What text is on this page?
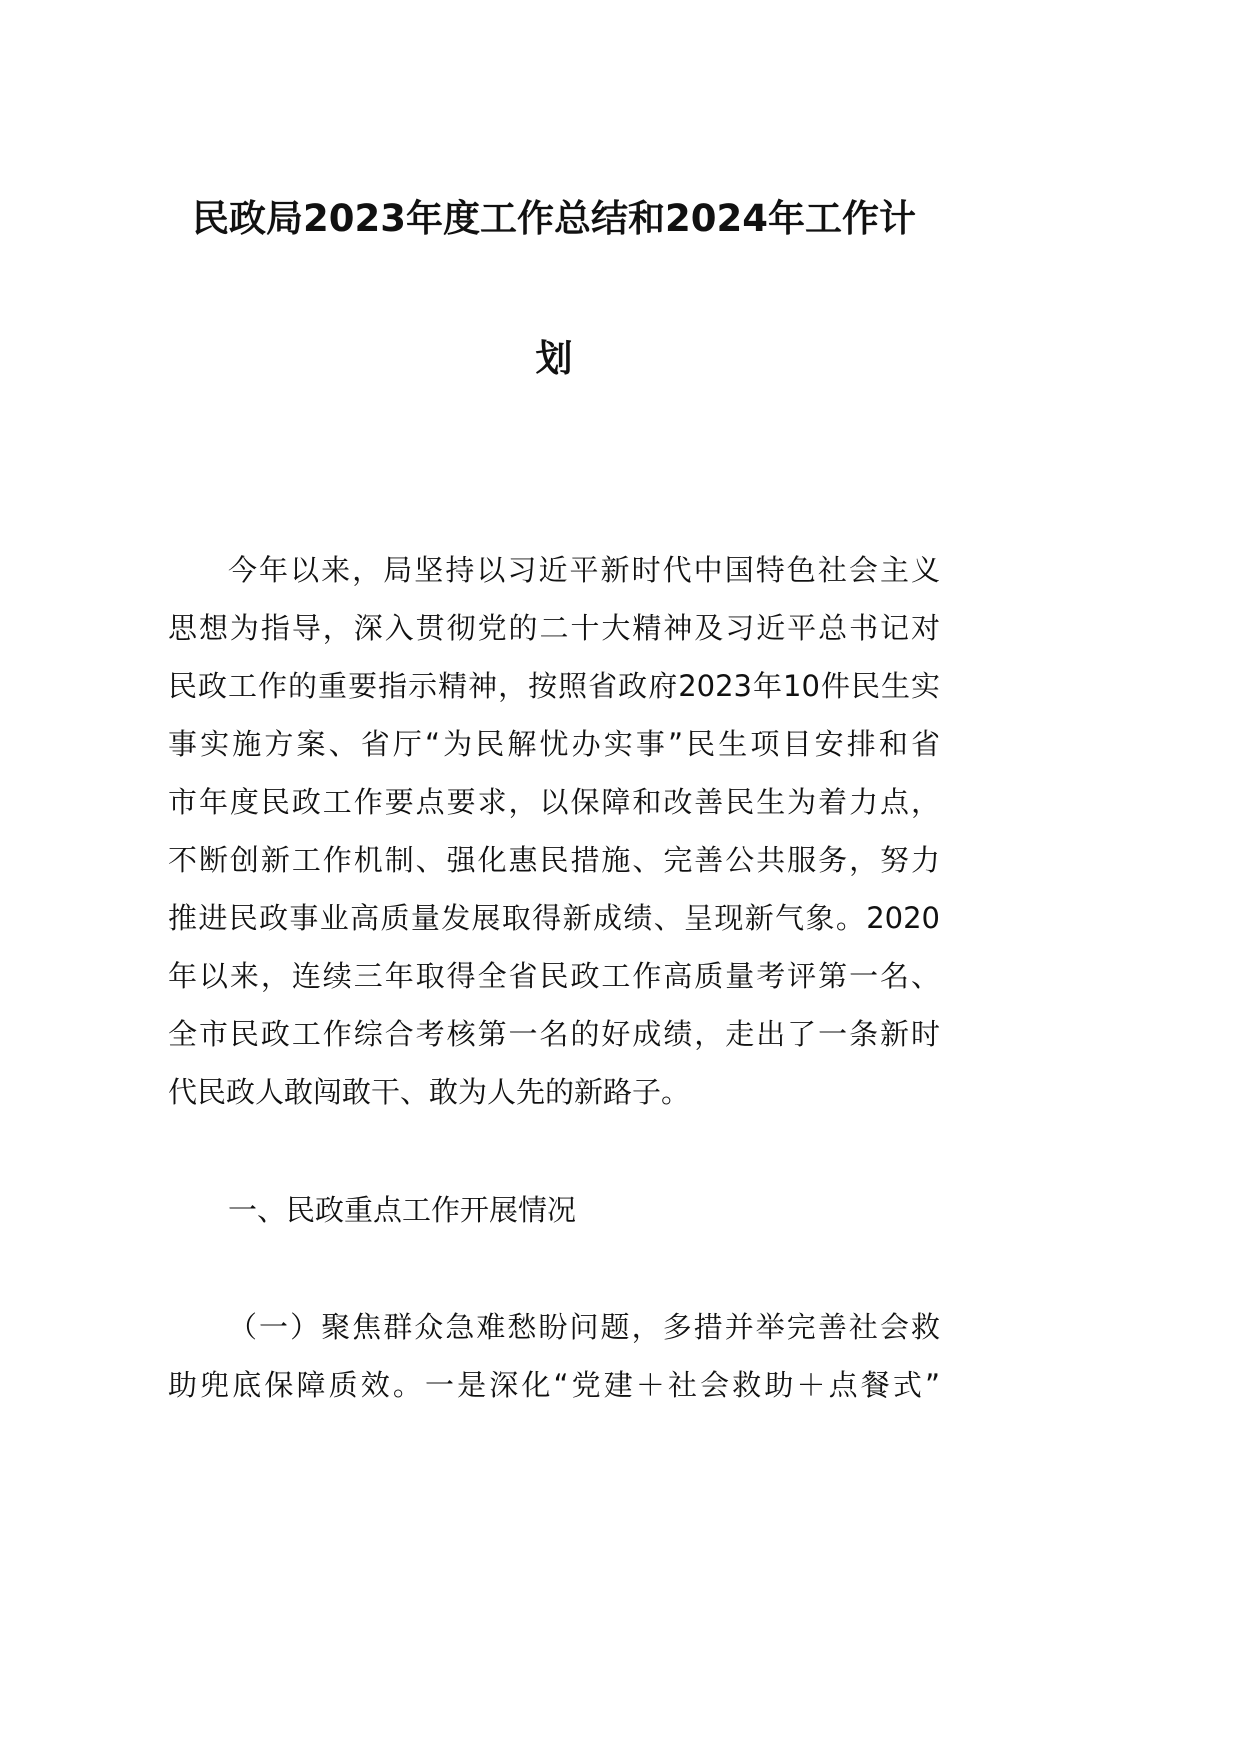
民政局2023年度工作总结和2024年工作计
划
今年以来，局坚持以习近平新时代中国特色社会主义
思想为指导，深入贯彻党的二十大精神及习近平总书记对
民政工作的重要指示精神，按照省政府2023年10件民生实
事实施方案、省厅“为民解忧办实事”民生项目安排和省
市年度民政工作要点要求，以保障和改善民生为着力点，
不断创新工作机制、强化惠民措施、完善公共服务，努力
推进民政事业高质量发展取得新成绩、呈现新气象。2020
年以来，连续三年取得全省民政工作高质量考评第一名、
全市民政工作综合考核第一名的好成绩，走出了一条新时
代民政人敢闯敢干、敢为人先的新路子。
一、民政重点工作开展情况
（一）聚焦群众急难愁盼问题，多措并举完善社会救
助兜底保障质效。一是深化“党建＋社会救助＋点餐式”
